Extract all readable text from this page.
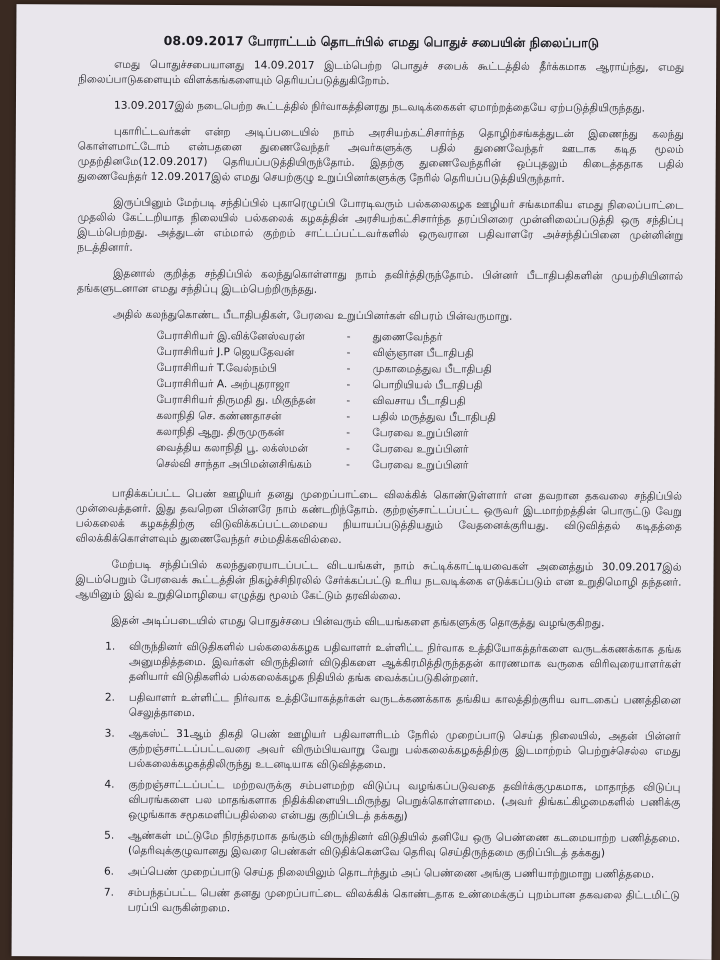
08.09.2017 போராட்டம் தொடர்பில் எமது பொதுச் சபையின் நிலைப்பாடு

எமது பொதுச்சபையானது 14.09.2017 இடம்பெற்ற பொதுச் சபைக் கூட்டத்தில் தீர்க்கமாக ஆராய்ந்து, எமது நிலைப்பாடுகளையும் விளக்கங்களையும் தெரியப்படுத்துகிறோம்.

13.09.2017இல் நடைபெற்ற கூட்டத்தில் நிர்வாகத்தினரது நடவடிக்கைகள் ஏமாற்றத்தையே ஏற்படுத்தியிருந்தது.

புகாரிட்டவர்கள் என்ற அடிப்படையில் நாம் அரசியற்கட்சிசார்ந்த தொழிற்சங்கத்துடன் இணைந்து கலந்து கொள்ளமாட்டோம் என்பதனை துணைவேந்தர் அவர்களுக்கு பதில் துணைவேந்தர் ஊடாக கடித மூலம் முதற்தினமே(12.09.2017) தெரியப்படுத்தியிருந்தோம். இதற்கு துணைவேந்தரின் ஒப்புதலும் கிடைத்ததாக பதில் துணைவேந்தர் 12.09.2017இல் எமது செயற்குழு உறுப்பினர்களுக்கு நேரில் தெரியப்படுத்தியிருந்தார்.

இருப்பினும் மேற்படி சந்திப்பில் புகாரெழுப்பி போரடிவரும் பல்கலைகழக ஊழியர் சங்கமாகிய எமது நிலைப்பாட்டை முதலில் கேட்டறியாத நிலையில் பல்கலைக் கழகத்தின் அரசியற்கட்சிசார்ந்த தரப்பினரை முன்னிலைப்படுத்தி ஒரு சந்திப்பு இடம்பெற்றது. அத்துடன் எம்மால் குற்றம் சாட்டப்பட்டவர்களில் ஒருவரான பதிவாளரே அச்சந்திப்பினை முன்னின்று நடத்தினார்.

இதனால் குறித்த சந்திப்பில் கலந்துகொள்ளாது நாம் தவிர்த்திருந்தோம். பின்னர் பீடாதிபதிகளின் முயற்சியினால் தங்களுடனான எமது சந்திப்பு இடம்பெற்றிருந்தது.

அதில் கலந்துகொண்ட பீடாதிபதிகள், பேரவை உறுப்பினர்கள் விபரம் பின்வருமாறு.

பேராசிரியர் இ.விக்னேஸ்வரன்	-	துணைவேந்தர்
பேராசிரியர் J.P ஜெயதேவன்	-	விஞ்ஞான பீடாதிபதி
பேராசிரியர் T.வேல்நம்பி	-	முகாமைத்துவ பீடாதிபதி
பேராசிரியர் A. அற்புதராஜா	-	பொறியியல் பீடாதிபதி
பேராசிரியர் திருமதி து. மிகுந்தன்	-	விவசாய பீடாதிபதி
கலாநிதி செ. கண்ணதாசன்	-	பதில் மருத்துவ பீடாதிபதி
கலாநிதி ஆறு. திருமுருகன்	-	பேரவை உறுப்பினர்
வைத்திய கலாநிதி பூ. லக்ஸ்மன்	-	பேரவை உறுப்பினர்
செல்வி சாந்தா அபிமன்னசிங்கம்	-	பேரவை உறுப்பினர்

பாதிக்கப்பட்ட பெண் ஊழியர் தனது முறைப்பாட்டை விலக்கிக் கொண்டுள்ளார் என தவறான தகவலை சந்திப்பில் முன்வைத்தனர். இது தவறென பின்னரே நாம் கண்டறிந்தோம். குற்றஞ்சாட்டப்பட்ட ஒருவர் இடமாற்றத்தின் பொருட்டு வேறு பல்கலைக் கழகத்திற்கு விடுவிக்கப்பட்டமையை நியாயப்படுத்தியதும் வேதனைக்குரியது. விடுவித்தல் கடிதத்தை விலக்கிக்கொள்ளவும் துணைவேந்தர் சம்மதிக்கவில்லை.

மேற்படி சந்திப்பில் கலந்துரையாடப்பட்ட விடயங்கள், நாம் சுட்டிக்காட்டியவைகள் அனைத்தும் 30.09.2017இல் இடம்பெறும் பேரவைக் கூட்டத்தின் நிகழ்ச்சிநிரலில் சேர்க்கப்பட்டு உரிய நடவடிக்கை எடுக்கப்படும் என உறுதிமொழி தந்தனர். ஆயினும் இவ் உறுதிமொழியை எழுத்து மூலம் கேட்டும் தரவில்லை.

இதன் அடிப்படையில் எமது பொதுச்சபை பின்வரும் விடயங்களை தங்களுக்கு தொகுத்து வழங்குகிறது.

1. விருந்தினர் விடுதிகளில் பல்கலைக்கழக பதிவாளர் உள்ளிட்ட நிர்வாக உத்தியோகத்தர்களை வருடக்கணக்காக தங்க அனுமதித்தமை. இவர்கள் விருந்தினர் விடுதிகளை ஆக்கிரமித்திருந்ததன் காரணமாக வருகை விரிவுரையாளர்கள் தனியார் விடுதிகளில் பல்கலைக்கழக நிதியில் தங்க வைக்கப்படுகின்றனர்.
2. பதிவாளர் உள்ளிட்ட நிர்வாக உத்தியோகத்தர்கள் வருடக்கணக்காக தங்கிய காலத்திற்குரிய வாடகைப் பணத்தினை செலுத்தாமை.
3. ஆகஸ்ட் 31ஆம் திகதி பெண் ஊழியர் பதிவாளரிடம் நேரில் முறைப்பாடு செய்த நிலையில், அதன் பின்னர் குற்றஞ்சாட்டப்பட்டவரை அவர் விரும்பியவாறு வேறு பல்கலைக்கழகத்திற்கு இடமாற்றம் பெற்றுச்செல்ல எமது பல்கலைக்கழகத்திலிருந்து உடனடியாக விடுவித்தமை.
4. குற்றஞ்சாட்டப்பட்ட மற்றவருக்கு சம்பளமற்ற விடுப்பு வழங்கப்படுவதை தவிர்க்குமுகமாக, மாதாந்த விடுப்பு விபரங்களை பல மாதங்களாக நிதிக்கிளையிடமிருந்து பெறுக்கொள்ளாமை. (அவர் திங்கட்கிழமைகளில் பணிக்கு ஒழுங்காக சமூகமளிப்பதில்லை என்பது குறிப்பிடத் தக்கது)
5. ஆண்கள் மட்டுமே நிரந்தரமாக தங்கும் விருந்தினர் விடுதியில் தனியே ஒரு பெண்ணை கடமையாற்ற பணித்தமை. (தெரிவுக்குழுவானது இவரை பெண்கள் விடுதிக்கெனவே தெரிவு செய்திருந்தமை குறிப்பிடத் தக்கது)
6. அப்பெண் முறைப்பாடு செய்த நிலையிலும் தொடர்ந்தும் அப் பெண்ணை அங்கு பணியாற்றுமாறு பணித்தமை.
7. சம்பந்தப்பட்ட பெண் தனது முறைப்பாட்டை விலக்கிக் கொண்டதாக உண்மைக்குப் புறம்பான தகவலை திட்டமிட்டு பரப்பி வருகின்றமை.
